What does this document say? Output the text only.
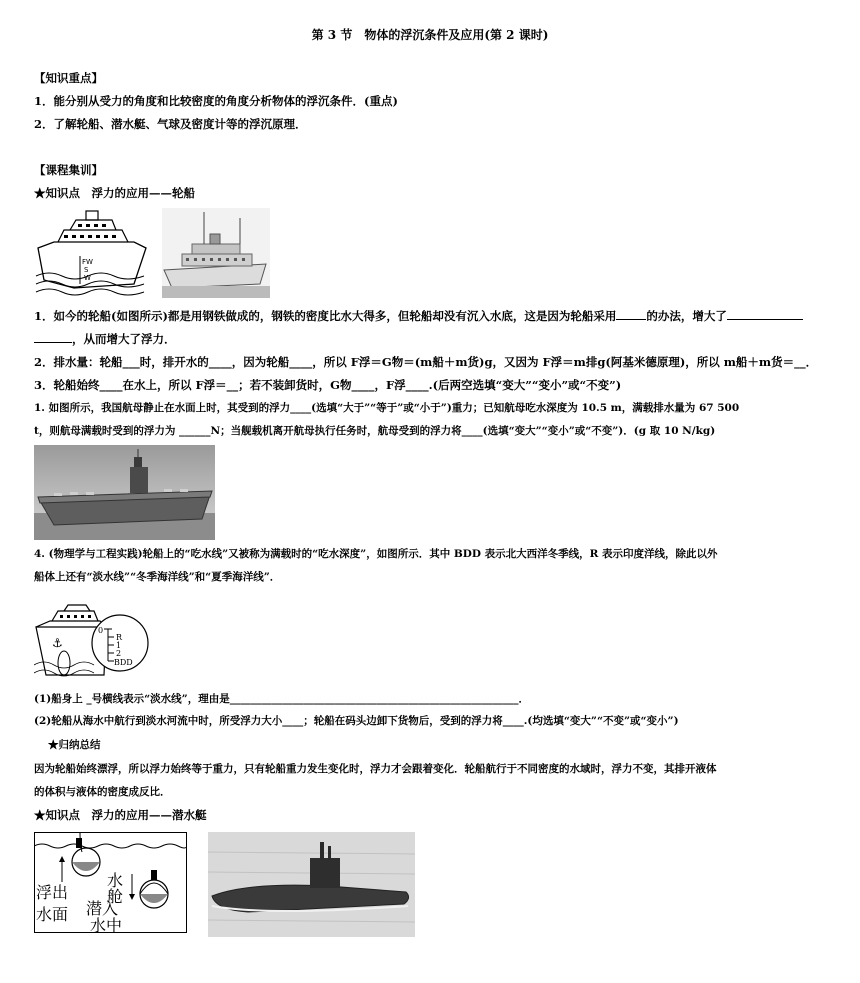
第 3 节　物体的浮沉条件及应用(第 2 课时)
【知识重点】
1．能分别从受力的角度和比较密度的角度分析物体的浮沉条件．(重点)
2．了解轮船、潜水艇、气球及密度计等的浮沉原理．
【课程集训】
★知识点　浮力的应用——轮船
FW
S
W
1．如今的轮船(如图所示)都是用钢铁做成的，钢铁的密度比水大得多，但轮船却没有沉入水底，这是因为轮船采用	的办法，增大了
，从而增大了浮力．
2．排水量：轮船___时，排开水的____，因为轮船____，所以 F浮＝G物＝(m船＋m货)g，又因为 F浮＝m排g(阿基米德原理)，所以 m船＋m货＝__．
3．轮船始终____在水上，所以 F浮＝__；若不装卸货时，G物____，F浮____.(后两空选填“变大”“变小”或“不变”)
1. 如图所示，我国航母静止在水面上时，其受到的浮力____(选填“大于”“等于”或“小于”)重力；已知航母吃水深度为 10.5 m，满载排水量为 67 500
t，则航母满载时受到的浮力为 ______N；当舰载机离开航母执行任务时，航母受到的浮力将____(选填“变大”“变小”或“不变”)．(g 取 10 N/kg)
4. (物理学与工程实践)轮船上的“吃水线”又被称为满载时的“吃水深度”，如图所示．其中 BDD 表示北大西洋冬季线，R 表示印度洋线，除此以外
船体上还有“淡水线”“冬季海洋线”和“夏季海洋线”．
⚓
0
R
1
2
BDD
(1)船身上 _号横线表示“淡水线”，理由是_______________________________________________________．
(2)轮船从海水中航行到淡水河流中时，所受浮力大小____；轮船在码头边卸下货物后，受到的浮力将____.(均选填“变大”“不变”或“变小”)
★归纳总结
因为轮船始终漂浮，所以浮力始终等于重力，只有轮船重力发生变化时，浮力才会跟着变化．轮船航行于不同密度的水域时，浮力不变，其排开液体
的体积与液体的密度成反比．
★知识点　浮力的应用——潜水艇
浮出
水面
水舱
潜入
水中
